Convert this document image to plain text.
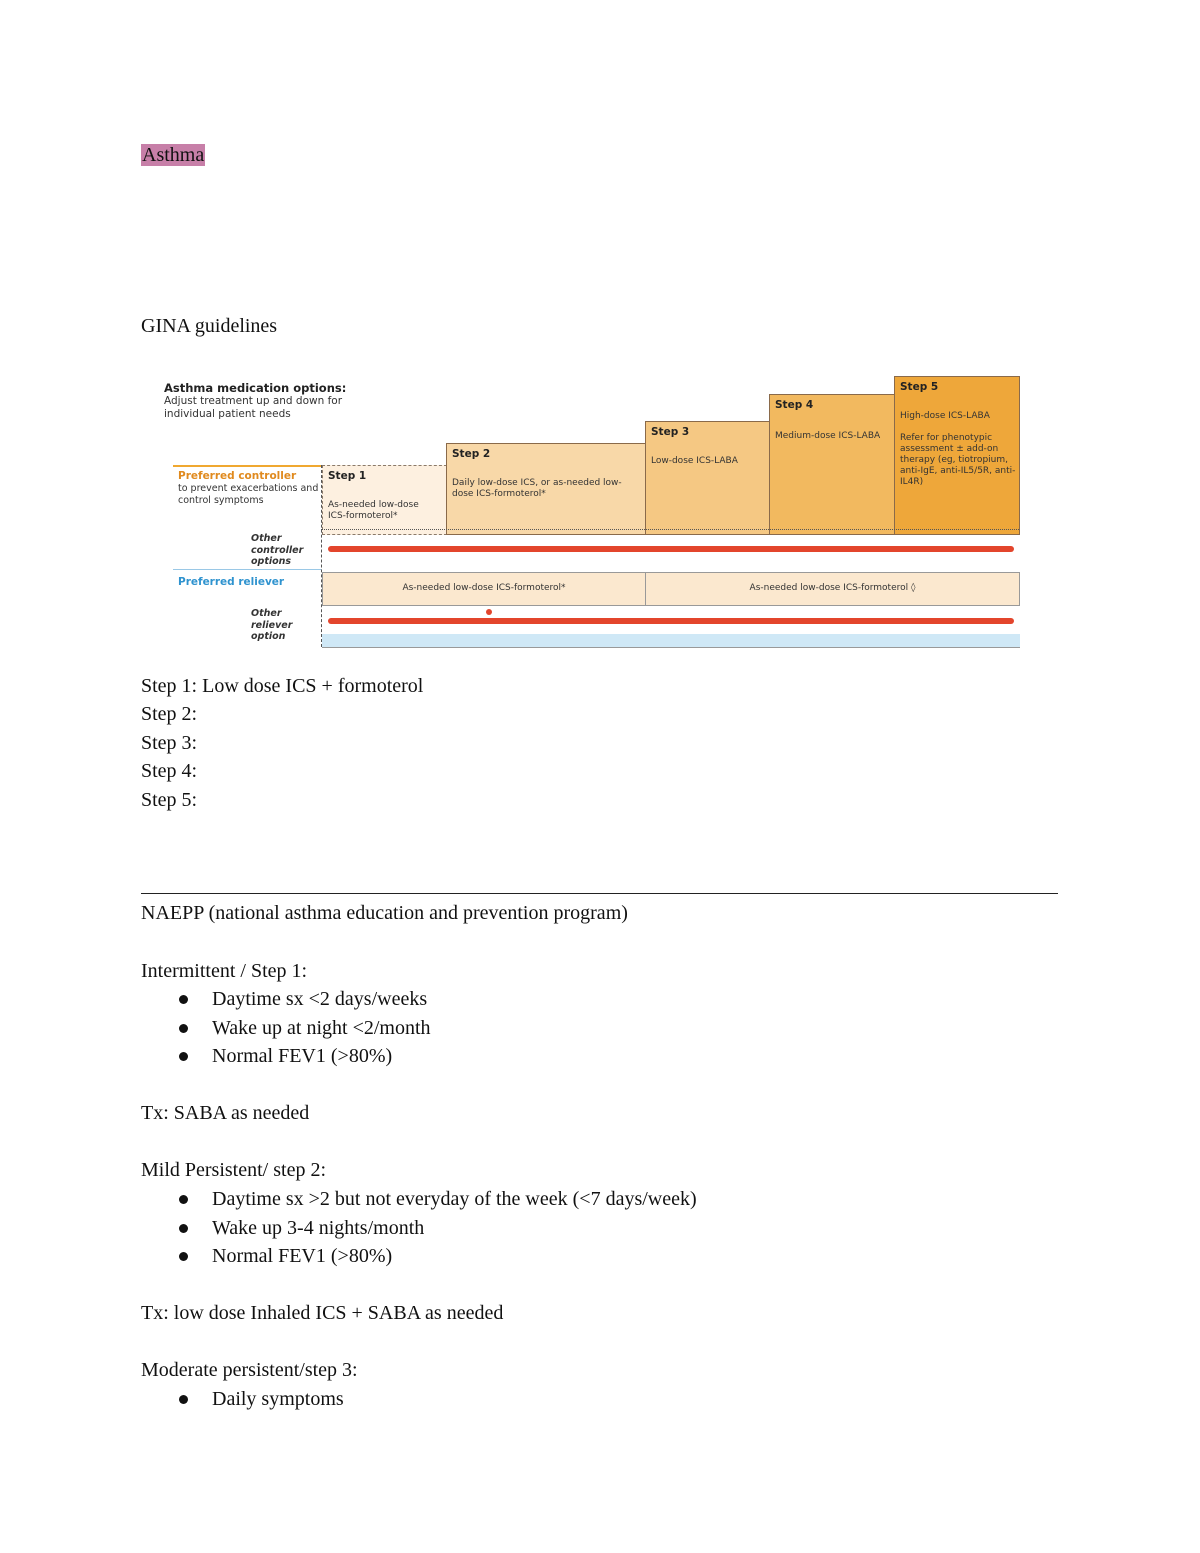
Asthma
GINA guidelines
Asthma medication options:
Adjust treatment up and down for individual patient needs
Preferred controller
to prevent exacerbations and control symptoms
Other controller options
Preferred reliever
Other reliever option
Step 1
As-needed low-dose ICS-formoterol*
Step 2
Daily low-dose ICS, or as-needed low-dose ICS-formoterol*
Step 3
Low-dose ICS-LABA
Step 4
Medium-dose ICS-LABA
Step 5
High-dose ICS-LABA
Refer for phenotypic assessment ± add-on therapy (eg, tiotropium, anti-IgE, anti-IL5/5R, anti-IL4R)
As-needed low-dose ICS-formoterol*	As-needed low-dose ICS-formoterol ◊
Step 1: Low dose ICS + formoterol
Step 2:
Step 3:
Step 4:
Step 5:
NAEPP (national asthma education and prevention program)
Intermittent / Step 1:
Daytime sx <2 days/weeks
Wake up at night <2/month
Normal FEV1 (>80%)
Tx: SABA as needed
Mild Persistent/ step 2:
Daytime sx >2 but not everyday of the week (<7 days/week)
Wake up 3-4 nights/month
Normal FEV1 (>80%)
Tx: low dose Inhaled ICS + SABA as needed
Moderate persistent/step 3:
Daily symptoms
